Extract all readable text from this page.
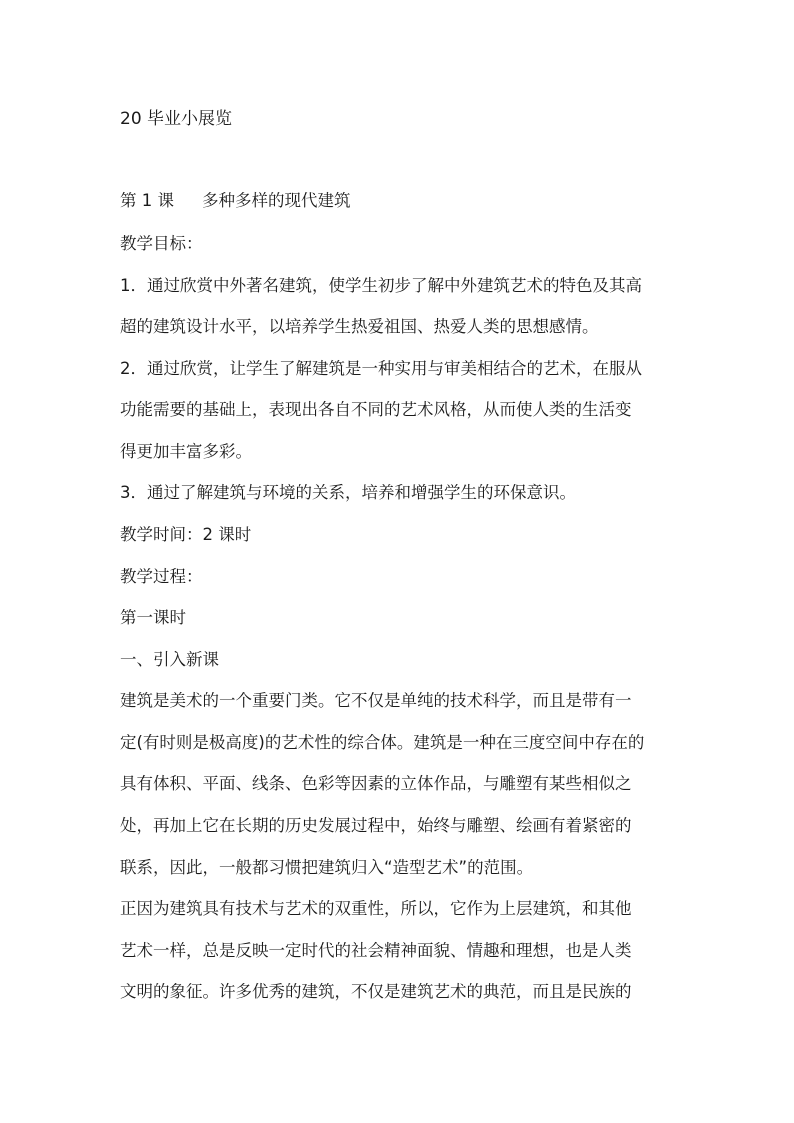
20 毕业小展览
第 1 课 多种多样的现代建筑
教学目标：
1．通过欣赏中外著名建筑，使学生初步了解中外建筑艺术的特色及其高
超的建筑设计水平，以培养学生热爱祖国、热爱人类的思想感情。
2．通过欣赏，让学生了解建筑是一种实用与审美相结合的艺术，在服从
功能需要的基础上，表现出各自不同的艺术风格，从而使人类的生活变
得更加丰富多彩。
3．通过了解建筑与环境的关系，培养和增强学生的环保意识。
教学时间：2 课时
教学过程：
第一课时
一、引入新课
建筑是美术的一个重要门类。它不仅是单纯的技术科学，而且是带有一
定(有时则是极高度)的艺术性的综合体。建筑是一种在三度空间中存在的
具有体积、平面、线条、色彩等因素的立体作品，与雕塑有某些相似之
处，再加上它在长期的历史发展过程中，始终与雕塑、绘画有着紧密的
联系，因此，一般都习惯把建筑归入“造型艺术”的范围。
正因为建筑具有技术与艺术的双重性，所以，它作为上层建筑，和其他
艺术一样，总是反映一定时代的社会精神面貌、情趣和理想，也是人类
文明的象征。许多优秀的建筑，不仅是建筑艺术的典范，而且是民族的
